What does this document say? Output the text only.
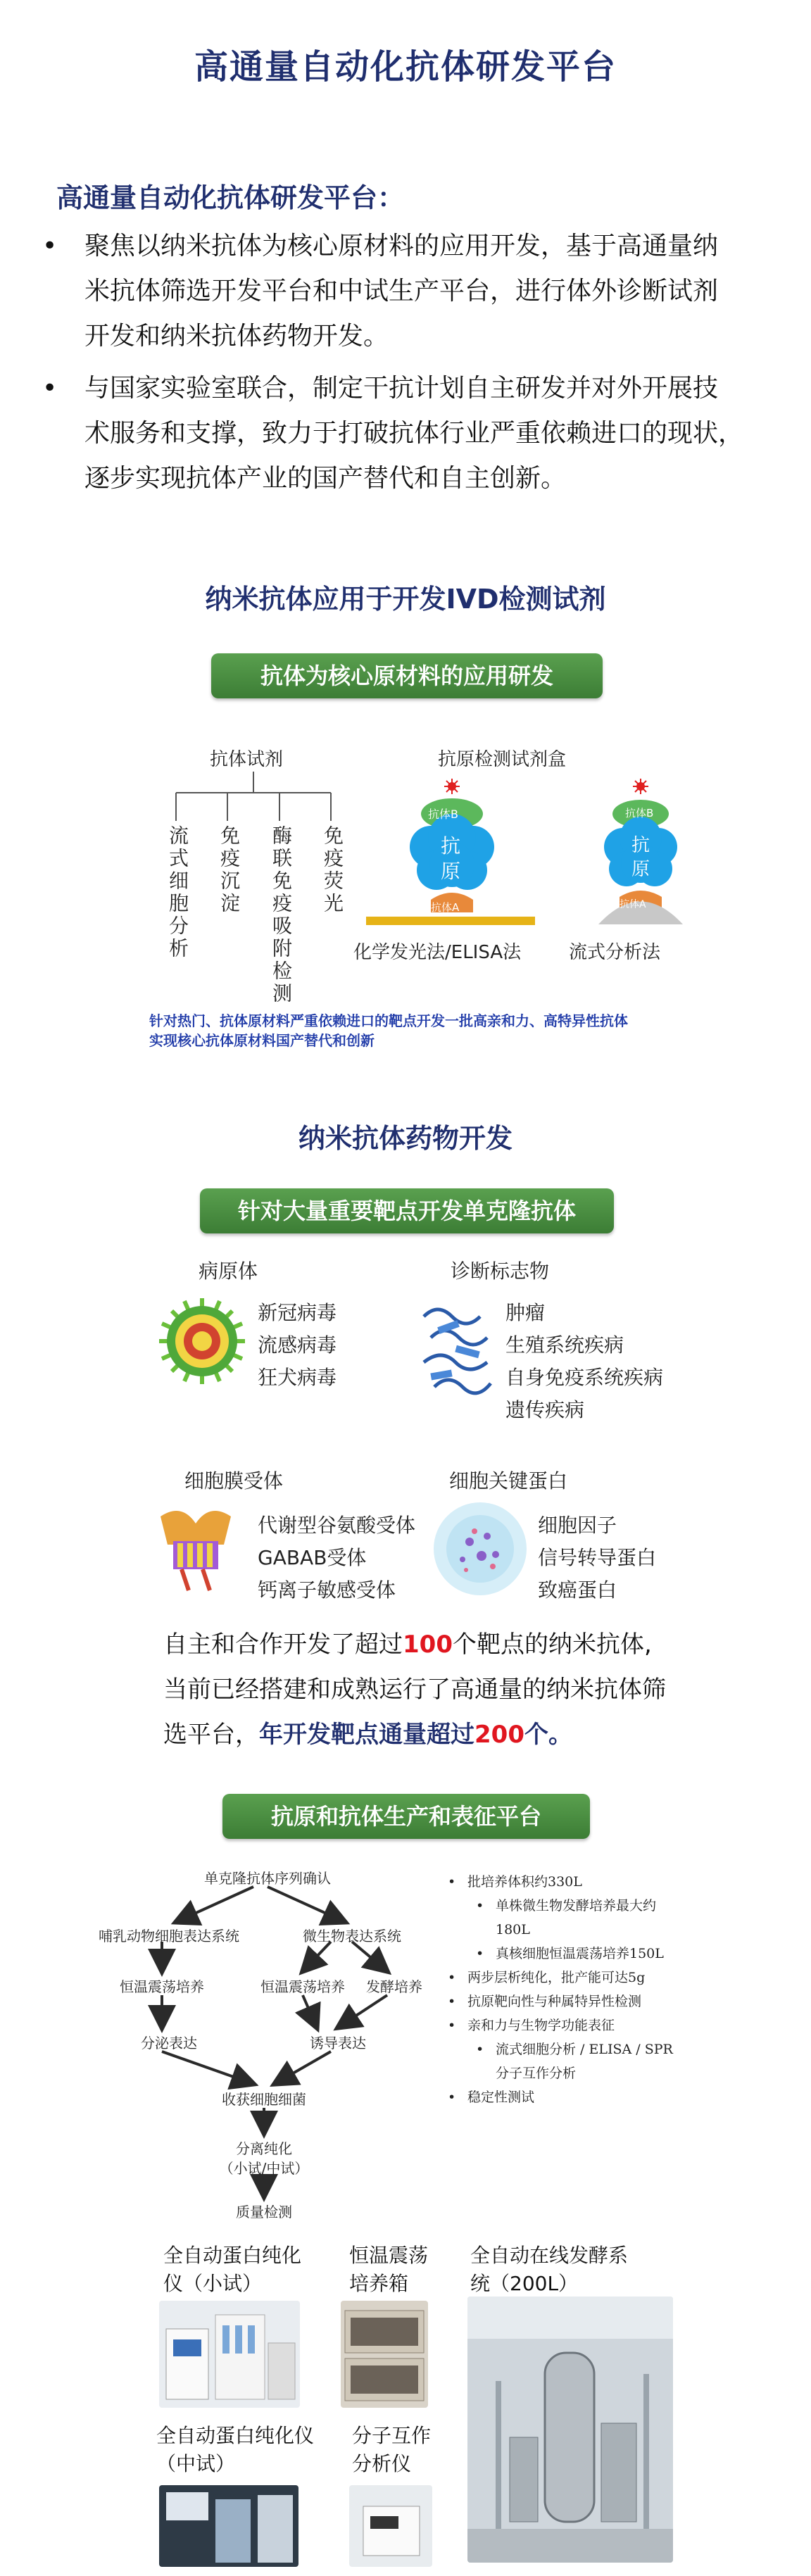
高通量自动化抗体研发平台
高通量自动化抗体研发平台：
• 聚焦以纳米抗体为核心原材料的应用开发，基于高通量纳
米抗体筛选开发平台和中试生产平台，进行体外诊断试剂
开发和纳米抗体药物开发。
• 与国家实验室联合，制定干抗计划自主研发并对外开展技
术服务和支撑，致力于打破抗体行业严重依赖进口的现状，
逐步实现抗体产业的国产替代和自主创新。
纳米抗体应用于开发IVD检测试剂
抗体为核心原材料的应用研发
抗体试剂
流式细胞分析 免疫沉淀 酶联免疫吸附检测 免疫荧光
抗原检测试剂盒
抗体B
抗原
抗体A
抗体B
抗原
抗体A
化学发光法/ELISA法	流式分析法
针对热门、抗体原材料严重依赖进口的靶点开发一批高亲和力、高特异性抗体
实现核心抗体原材料国产替代和创新
纳米抗体药物开发
针对大量重要靶点开发单克隆抗体
病原体
新冠病毒
流感病毒
狂犬病毒
诊断标志物
肿瘤
生殖系统疾病
自身免疫系统疾病
遗传疾病
细胞膜受体
代谢型谷氨酸受体
GABAB受体
钙离子敏感受体
细胞关键蛋白
细胞因子
信号转导蛋白
致癌蛋白
自主和合作开发了超过100个靶点的纳米抗体,当前已经搭建和成熟运行了高通量的纳米抗体筛选平台，年开发靶点通量超过200个。
抗原和抗体生产和表征平台
单克隆抗体序列确认
哺乳动物细胞表达系统	微生物表达系统
恒温震荡培养	恒温震荡培养	发酵培养
分泌表达	诱导表达
收获细胞细菌
分离纯化
（小试/中试）
质量检测
• 批培养体积约330L
• 单株微生物发酵培养最大约
180L
• 真核细胞恒温震荡培养150L
• 两步层析纯化，批产能可达5g
• 抗原靶向性与种属特异性检测
• 亲和力与生物学功能表征
• 流式细胞分析 / ELISA / SPR
分子互作分析
• 稳定性测试
全自动蛋白纯化
仪（小试）
恒温震荡
培养箱
全自动在线发酵系
统（200L）
全自动蛋白纯化仪
（中试）
分子互作
分析仪
